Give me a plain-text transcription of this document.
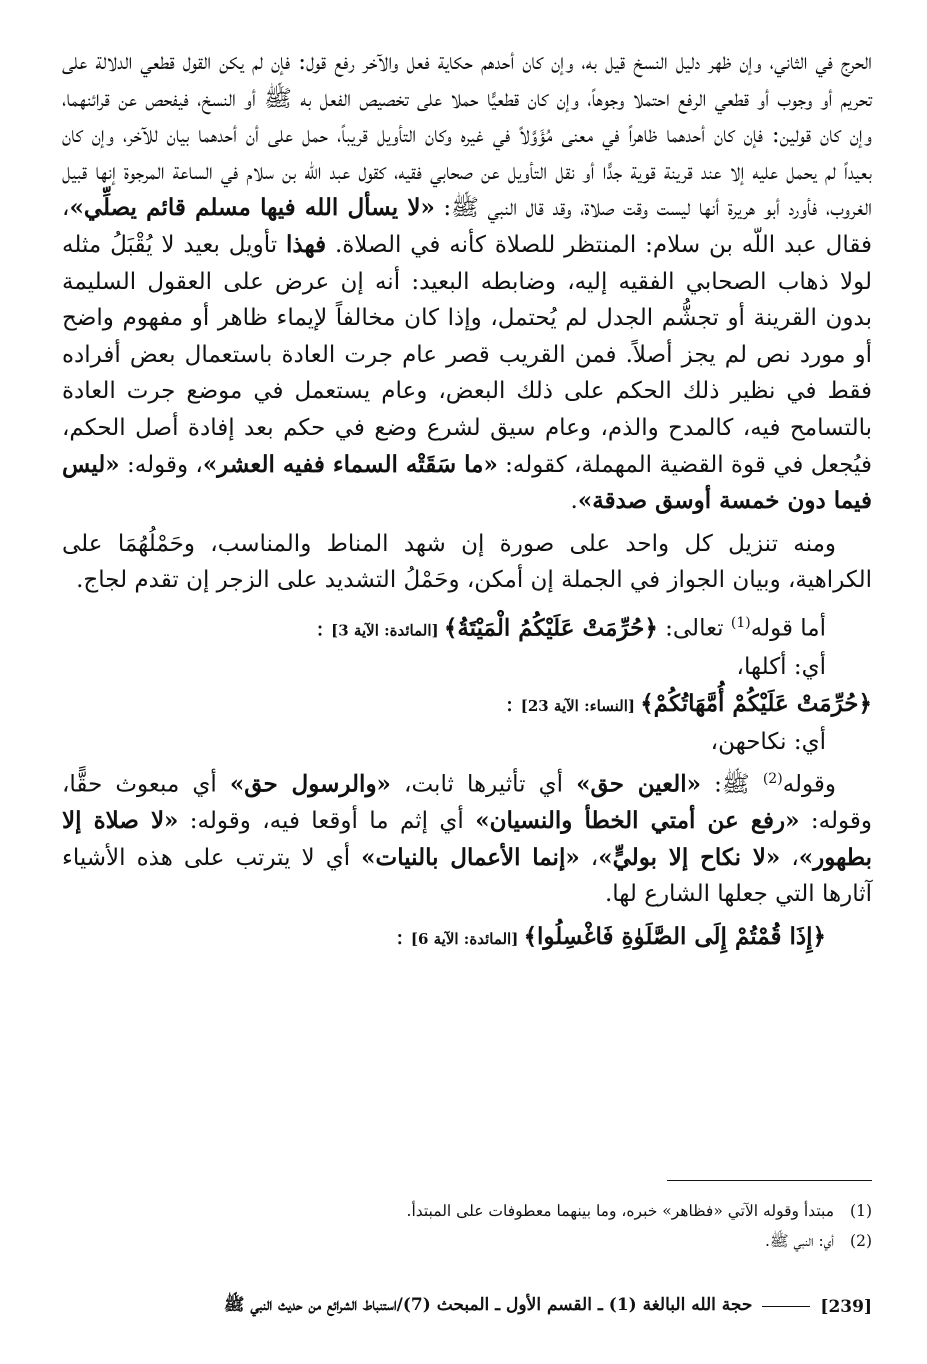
الحرج في الثاني، وإن ظهر دليل النسخ قيل به، وإن كان أحدهم حكاية فعل والآخر رفع قول: فإن لم يكن القول قطعي الدلالة على تحريم أو وجوب أو قطعي الرفع احتملا وجوهاً، وإن كان قطعيًّا حملا على تخصيص الفعل به ﷺ أو النسخ، فيفحص عن قرائنهما، وإن كان قولين: فإن كان أحدهما ظاهراً في معنى مُؤَوَّلاً في غيره وكان التأويل قريباً، حمل على أن أحدهما بيان للآخر، وإن كان بعيداً لم يحمل عليه إلا عند قرينة قوية جدًّا أو نقل التأويل عن صحابي فقيه، كقول عبد اللّه بن سلام في الساعة المرجوة إنها قبيل الغروب، فأورد أبو هريرة أنها ليست وقت صلاة، وقد قال النبي ﷺ: «لا يسأل الله فيها مسلم قائم يصلِّي»، فقال عبد اللّه بن سلام: المنتظر للصلاة كأنه في الصلاة. فهذا تأويل بعيد لا يُقْبَلُ مثله لولا ذهاب الصحابي الفقيه إليه، وضابطه البعيد: أنه إن عرض على العقول السليمة بدون القرينة أو تجشُّم الجدل لم يُحتمل، وإذا كان مخالفاً لإيماء ظاهر أو مفهوم واضح أو مورد نص لم يجز أصلاً. فمن القريب قصر عام جرت العادة باستعمال بعض أفراده فقط في نظير ذلك الحكم على ذلك البعض، وعام يستعمل في موضع جرت العادة بالتسامح فيه، كالمدح والذم، وعام سيق لشرع وضع في حكم بعد إفادة أصل الحكم، فيُجعل في قوة القضية المهملة، كقوله: «ما سَقَتْه السماء ففيه العشر»، وقوله: «ليس فيما دون خمسة أوسق صدقة».

ومنه تنزيل كل واحد على صورة إن شهد المناط والمناسب، وحَمْلُهُمَا على الكراهية، وبيان الجواز في الجملة إن أمكن، وحَمْلُ التشديد على الزجر إن تقدم لجاج.

أما قوله$^{(1)}$ تعالى: ﴿حُرِّمَتْ عَلَيْكُمُ الْمَيْتَةُ﴾ [المائدة: الآية 3] :

أي: أكلها،

﴿حُرِّمَتْ عَلَيْكُمْ أُمَّهَاتُكُمْ﴾ [النساء: الآية 23] :

أي: نكاحهن،

وقوله$^{(2)}$ ﷺ: «العين حق» أي تأثيرها ثابت، «والرسول حق» أي مبعوث حقًّا، وقوله: «رفع عن أمتي الخطأ والنسيان» أي إثم ما أوقعا فيه، وقوله: «لا صلاة إلا بطهور»، «لا نكاح إلا بوليٍّ»، «إنما الأعمال بالنيات» أي لا يترتب على هذه الأشياء آثارها التي جعلها الشارع لها.

﴿إِذَا قُمْتُمْ إِلَى الصَّلَوٰةِ فَاغْسِلُوا﴾ [المائدة: الآية 6] :

(1)مبتدأ وقوله الآتي «فظاهر» خبره، وما بينهما معطوفات على المبتدأ.
(2)أي: النبي ﷺ.
[239]
حجة الله البالغة (1) ـ القسم الأول ـ المبحث (7)/استنباط الشرائع من حديث النبي ﷺ
